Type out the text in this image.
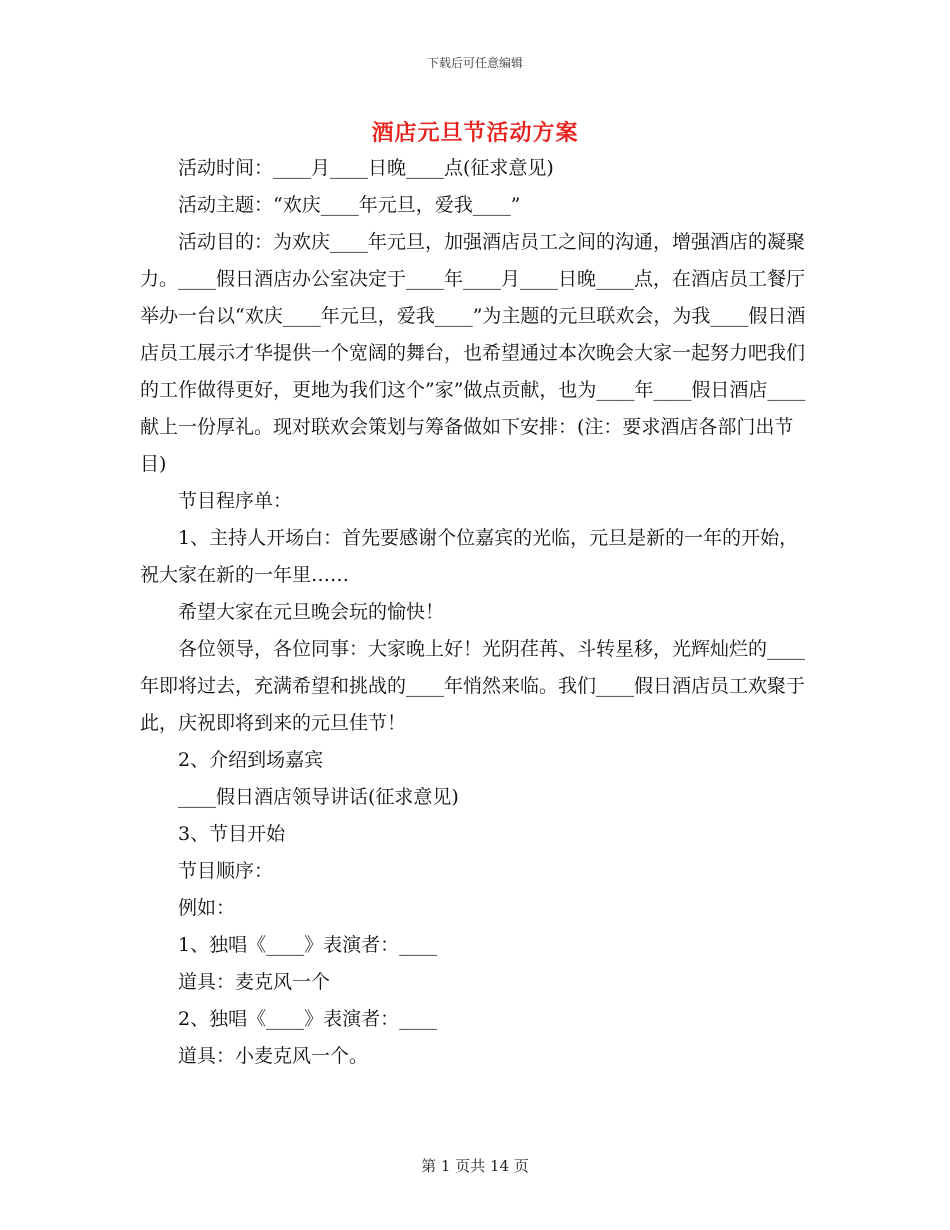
下载后可任意编辑
酒店元旦节活动方案

活动时间：____月____日晚____点(征求意见)

活动主题：“欢庆____年元旦，爱我____”

活动目的：为欢庆____年元旦，加强酒店员工之间的沟通，增强酒店的凝聚力。____假日酒店办公室决定于____年____月____日晚____点，在酒店员工餐厅举办一台以“欢庆____年元旦，爱我____”为主题的元旦联欢会，为我____假日酒店员工展示才华提供一个宽阔的舞台，也希望通过本次晚会大家一起努力吧我们的工作做得更好，更地为我们这个”家”做点贡献，也为____年____假日酒店____献上一份厚礼。现对联欢会策划与筹备做如下安排：(注：要求酒店各部门出节目)

节目程序单：

1、主持人开场白：首先要感谢个位嘉宾的光临，元旦是新的一年的开始，祝大家在新的一年里……

希望大家在元旦晚会玩的愉快！

各位领导，各位同事：大家晚上好！光阴荏苒、斗转星移，光辉灿烂的____年即将过去，充满希望和挑战的____年悄然来临。我们____假日酒店员工欢聚于此，庆祝即将到来的元旦佳节！

2、介绍到场嘉宾

____假日酒店领导讲话(征求意见)

3、节目开始

节目顺序：

例如：

1、独唱《____》表演者：____

道具：麦克风一个

2、独唱《____》表演者：____

道具：小麦克风一个。

第 1 页共 14 页
